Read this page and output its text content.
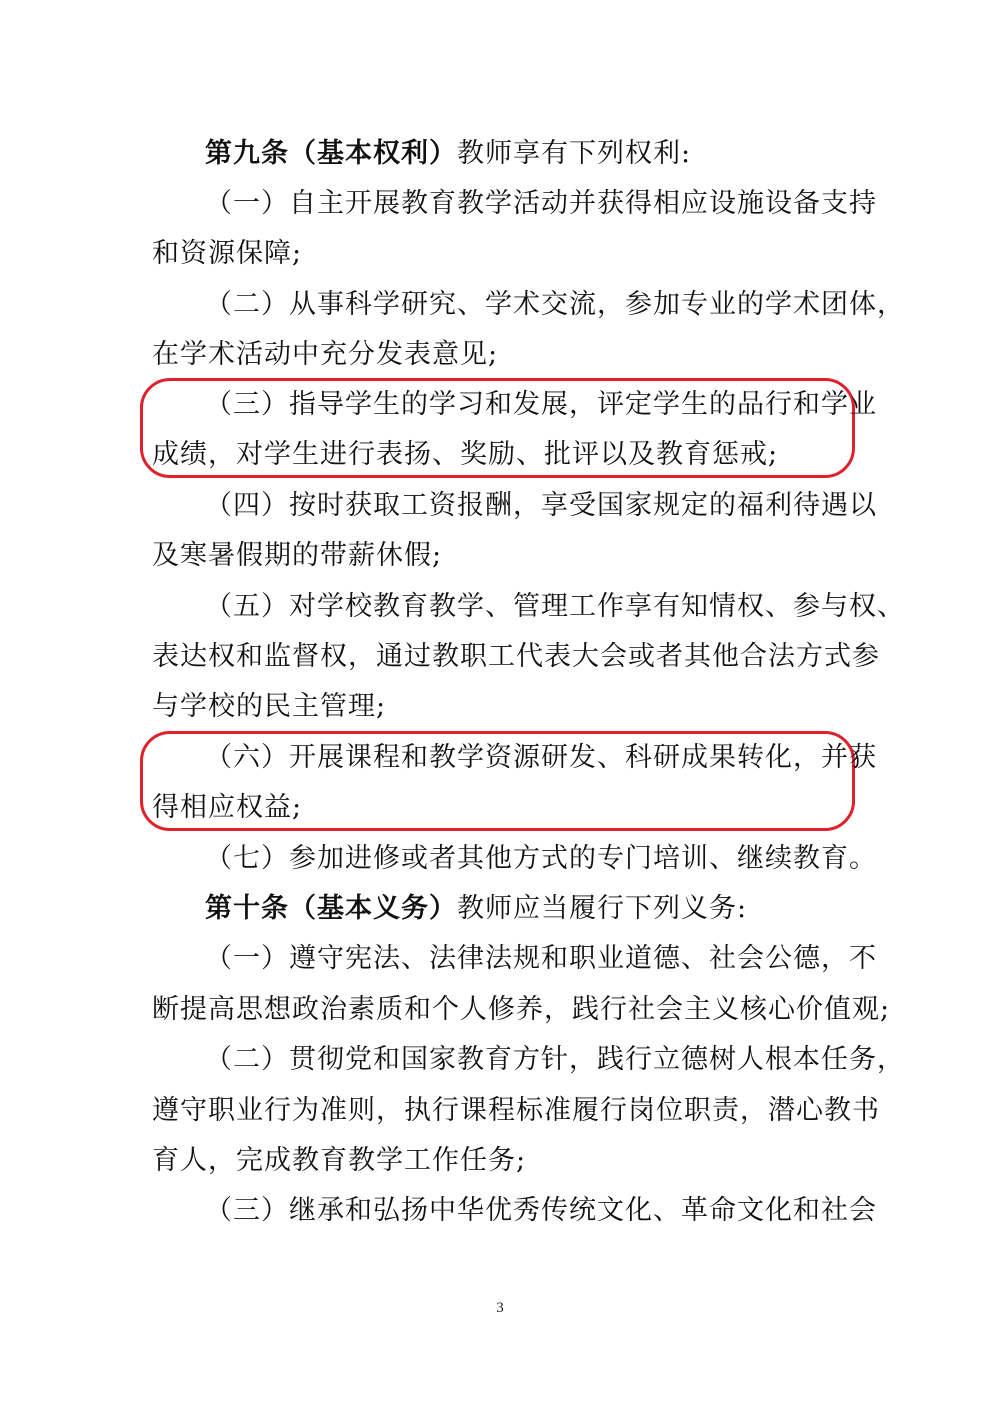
第九条（基本权利）教师享有下列权利:
（一）自主开展教育教学活动并获得相应设施设备支持
和资源保障;
（二）从事科学研究、学术交流，参加专业的学术团体，
在学术活动中充分发表意见;
（三）指导学生的学习和发展，评定学生的品行和学业
成绩，对学生进行表扬、奖励、批评以及教育惩戒;
（四）按时获取工资报酬，享受国家规定的福利待遇以
及寒暑假期的带薪休假;
（五）对学校教育教学、管理工作享有知情权、参与权、
表达权和监督权，通过教职工代表大会或者其他合法方式参
与学校的民主管理;
（六）开展课程和教学资源研发、科研成果转化，并获
得相应权益;
（七）参加进修或者其他方式的专门培训、继续教育。
第十条（基本义务）教师应当履行下列义务:
（一）遵守宪法、法律法规和职业道德、社会公德，不
断提高思想政治素质和个人修养，践行社会主义核心价值观;
（二）贯彻党和国家教育方针，践行立德树人根本任务，
遵守职业行为准则，执行课程标准履行岗位职责，潜心教书
育人，完成教育教学工作任务;
（三）继承和弘扬中华优秀传统文化、革命文化和社会
3
